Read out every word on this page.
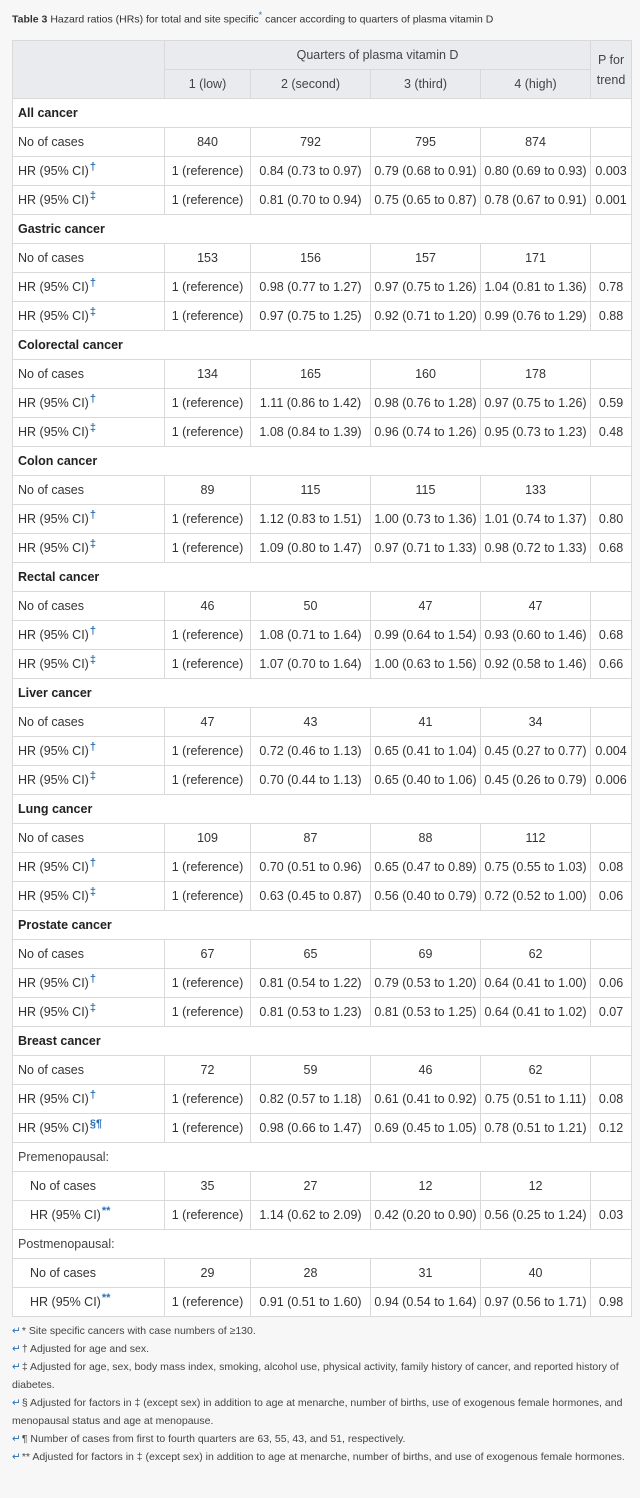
Table 3 Hazard ratios (HRs) for total and site specific* cancer according to quarters of plasma vitamin D
	Quarters of plasma vitamin D				P for trend
	1 (low)	2 (second)	3 (third)	4 (high)	
All cancer					
No of cases	840	792	795	874	
HR (95% CI)†	1 (reference)	0.84 (0.73 to 0.97)	0.79 (0.68 to 0.91)	0.80 (0.69 to 0.93)	0.003
HR (95% CI)‡	1 (reference)	0.81 (0.70 to 0.94)	0.75 (0.65 to 0.87)	0.78 (0.67 to 0.91)	0.001
Gastric cancer					
No of cases	153	156	157	171	
HR (95% CI)†	1 (reference)	0.98 (0.77 to 1.27)	0.97 (0.75 to 1.26)	1.04 (0.81 to 1.36)	0.78
HR (95% CI)‡	1 (reference)	0.97 (0.75 to 1.25)	0.92 (0.71 to 1.20)	0.99 (0.76 to 1.29)	0.88
Colorectal cancer					
No of cases	134	165	160	178	
HR (95% CI)†	1 (reference)	1.11 (0.86 to 1.42)	0.98 (0.76 to 1.28)	0.97 (0.75 to 1.26)	0.59
HR (95% CI)‡	1 (reference)	1.08 (0.84 to 1.39)	0.96 (0.74 to 1.26)	0.95 (0.73 to 1.23)	0.48
Colon cancer					
No of cases	89	115	115	133	
HR (95% CI)†	1 (reference)	1.12 (0.83 to 1.51)	1.00 (0.73 to 1.36)	1.01 (0.74 to 1.37)	0.80
HR (95% CI)‡	1 (reference)	1.09 (0.80 to 1.47)	0.97 (0.71 to 1.33)	0.98 (0.72 to 1.33)	0.68
Rectal cancer					
No of cases	46	50	47	47	
HR (95% CI)†	1 (reference)	1.08 (0.71 to 1.64)	0.99 (0.64 to 1.54)	0.93 (0.60 to 1.46)	0.68
HR (95% CI)‡	1 (reference)	1.07 (0.70 to 1.64)	1.00 (0.63 to 1.56)	0.92 (0.58 to 1.46)	0.66
Liver cancer					
No of cases	47	43	41	34	
HR (95% CI)†	1 (reference)	0.72 (0.46 to 1.13)	0.65 (0.41 to 1.04)	0.45 (0.27 to 0.77)	0.004
HR (95% CI)‡	1 (reference)	0.70 (0.44 to 1.13)	0.65 (0.40 to 1.06)	0.45 (0.26 to 0.79)	0.006
Lung cancer					
No of cases	109	87	88	112	
HR (95% CI)†	1 (reference)	0.70 (0.51 to 0.96)	0.65 (0.47 to 0.89)	0.75 (0.55 to 1.03)	0.08
HR (95% CI)‡	1 (reference)	0.63 (0.45 to 0.87)	0.56 (0.40 to 0.79)	0.72 (0.52 to 1.00)	0.06
Prostate cancer					
No of cases	67	65	69	62	
HR (95% CI)†	1 (reference)	0.81 (0.54 to 1.22)	0.79 (0.53 to 1.20)	0.64 (0.41 to 1.00)	0.06
HR (95% CI)‡	1 (reference)	0.81 (0.53 to 1.23)	0.81 (0.53 to 1.25)	0.64 (0.41 to 1.02)	0.07
Breast cancer					
No of cases	72	59	46	62	
HR (95% CI)†	1 (reference)	0.82 (0.57 to 1.18)	0.61 (0.41 to 0.92)	0.75 (0.51 to 1.11)	0.08
HR (95% CI)§¶	1 (reference)	0.98 (0.66 to 1.47)	0.69 (0.45 to 1.05)	0.78 (0.51 to 1.21)	0.12
Premenopausal:					
No of cases	35	27	12	12	
HR (95% CI)**	1 (reference)	1.14 (0.62 to 2.09)	0.42 (0.20 to 0.90)	0.56 (0.25 to 1.24)	0.03
Postmenopausal:					
No of cases	29	28	31	40	
HR (95% CI)**	1 (reference)	0.91 (0.51 to 1.60)	0.94 (0.54 to 1.64)	0.97 (0.56 to 1.71)	0.98
↵* Site specific cancers with case numbers of ≥130.
↵† Adjusted for age and sex.
↵‡ Adjusted for age, sex, body mass index, smoking, alcohol use, physical activity, family history of cancer, and reported history of diabetes.
↵§ Adjusted for factors in ‡ (except sex) in addition to age at menarche, number of births, use of exogenous female hormones, and menopausal status and age at menopause.
↵¶ Number of cases from first to fourth quarters are 63, 55, 43, and 51, respectively.
↵** Adjusted for factors in ‡ (except sex) in addition to age at menarche, number of births, and use of exogenous female hormones.
